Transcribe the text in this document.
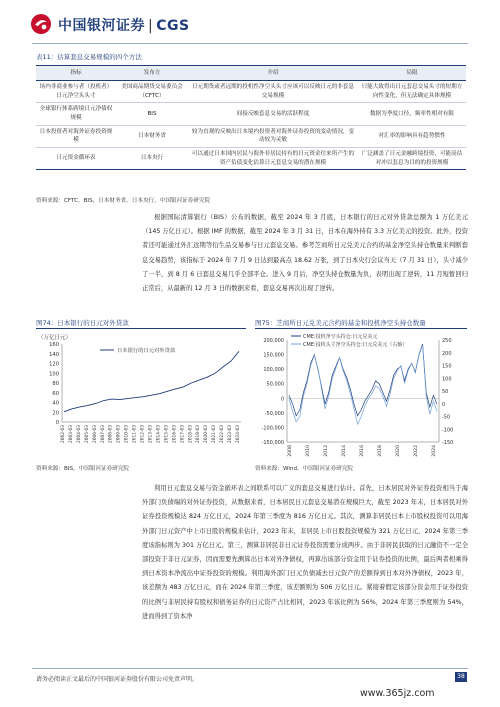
中国银河证券 | CGS
表11：估算套息交易规模的四个方法
指标	发布方	介绍	局限
场内非商业参与者（投机者）日元净空头头寸	美国商品期货交易委员会（CFTC）	日元期货或者远期的投机性净空头头寸应该可以反映日元的非套息交易规模	只能大致得出日元套息交易头寸的短期方向性变化，但无法确定具体规模
全球银行体系跨境日元净债权规模	BIS	间接反映套息交易的活跃程度	数据为季度口径，频率性相对有限
日本投资者对海外证券投资规模	日本财务省	较为直观的反映出日本境内投资者对海外证券投资的变动情况，变动较为灵敏	对汇率的影响具有趋势惯性
日元资金循环表	日本央行	可以通过日本国内居民与海外非居民持有的日元资金往来所产生的资产负债变化估算日元套息交易的潜在规模	广泛涵盖了日元金融跨境投资，可能高估对冲以套息为目的的投资规模
资料来源：CFTC，BIS，日本财务省，日本央行，中国银河证券研究院
根据国际清算银行（BIS）公布的数据，截至 2024 年 3 月底，日本银行的日元对外贷款总额为 1 万亿美元（145 万亿日元）。根据 IMF 的数据，截至 2024 年 3 月 31 日，日本在海外持有 3.3 万亿美元的投资。此外，投资者还可能通过外汇远期等衍生品交易参与日元套息交易。参考芝商所日元兑美元合约的基金净空头持仓数量来判断套息交易趋势，该指标于 2024 年 7 月 9 日达到最高点 18.62 万张，到了日本央行会议当天（7 月 31 日），头寸减少了一半，到 8 月 6 日套息交易几乎全部平仓。进入 9 月后，净空头持仓数量为负，表明出现了逆转，11 月短暂回归正常后，从最新的 12 月 3 日的数据来看，套息交易再次出现了逆转。
图74：日本银行的日元对外贷款
（万亿日元）
0
20
40
60
80
100
120
140
160
2002-03 2003-03 2004-03 2005-03 2006-03 2007-03 2008-03 2009-03 2010-03 2011-03 2012-03 2013-03 2014-03 2015-03 2016-03 2017-03 2018-03 2019-03 2020-03 2021-03 2022-03 2023-03 2024-03
日本银行的日元对外贷款
资料来源：BIS，中国银河证券研究院
图75：芝商所日元兑美元合约的基金和投机净空头持仓数量
-150,000
-100,000
-50,000
0
50,000
100,000
150,000
200,000
-150
-100
-50
0
50
100
150
200
250
2008	2010	2012	2014	2016	2018	2020	2022	2024
CME:投机净空头持仓:日元兑美元
CME:投机头寸净空头持仓:日元兑美元（右轴）
资料来源：Wind，中国银河证券研究院
利用日元套息交易与资金循环表之间联系可以广义的套息交易进行估计。首先，日本居民对外证券投资相当于海外部门负债端的对外证券投资，从数据来看，日本居民日元套息交易潜在规模巨大，截至 2023 年末，日本居民对外证券投资规模达 824 万亿日元，2024 年第三季度为 816 万亿日元。其次，测算非居民日本上市股权投资可以用海外部门日元资产中上市日股的规模来估计，2023 年末，非居民上市日股投资规模为 321 万亿日元，2024 年第三季度该指标则为 301 万亿日元。第三，测算非居民非日元证券投资需要分成两步。由于非居民获取的日元融资不一定全部投资于非日元证券，因而需要先测算出日本对外净债权，再算出该部分资金用于证券投资的比例，最后两者相乘得到日本资本净流出中证券投资的规模。利用海外部门日元负债减去日元资产的差额得到日本对外净债权，2023 年，该差额为 483 万亿日元，而在 2024 年第三季度，该差额则为 506 万亿日元。紧接着假定该部分资金用于证券投资的比例与非居民持有股权和债务证券的日元资产占比相同，2023 年该比例为 56%，2024 年第三季度则为 54%，进而得到了资本净
请务必阅读正文最后的中国银河证券股份有限公司免责声明。	38
www.365jz.com
